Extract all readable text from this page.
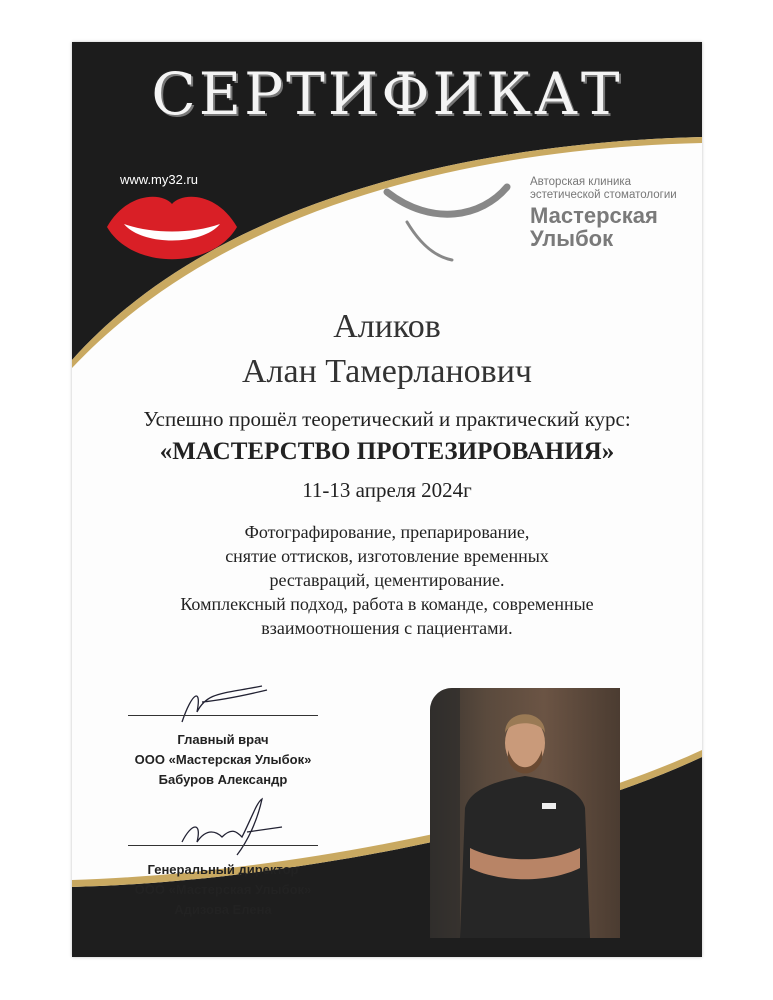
СЕРТИФИКАТ
www.my32.ru	Авторская клиника
эстетической стоматологии
Мастерская
Улыбок
Аликов
Алан Тамерланович
Успешно прошёл теоретический и практический курс:
«МАСТЕРСТВО ПРОТЕЗИРОВАНИЯ»
11-13 апреля 2024г
Фотографирование, препарирование,
снятие оттисков, изготовление временных
реставраций, цементирование.
Комплексный подход, работа в команде, современные
взаимоотношения с пациентами.
Главный врач
ООО «Мастерская Улыбок»
Бабуров Александр
Генеральный директор
ООО «Мастерская Улыбок»
Адизова Елена
